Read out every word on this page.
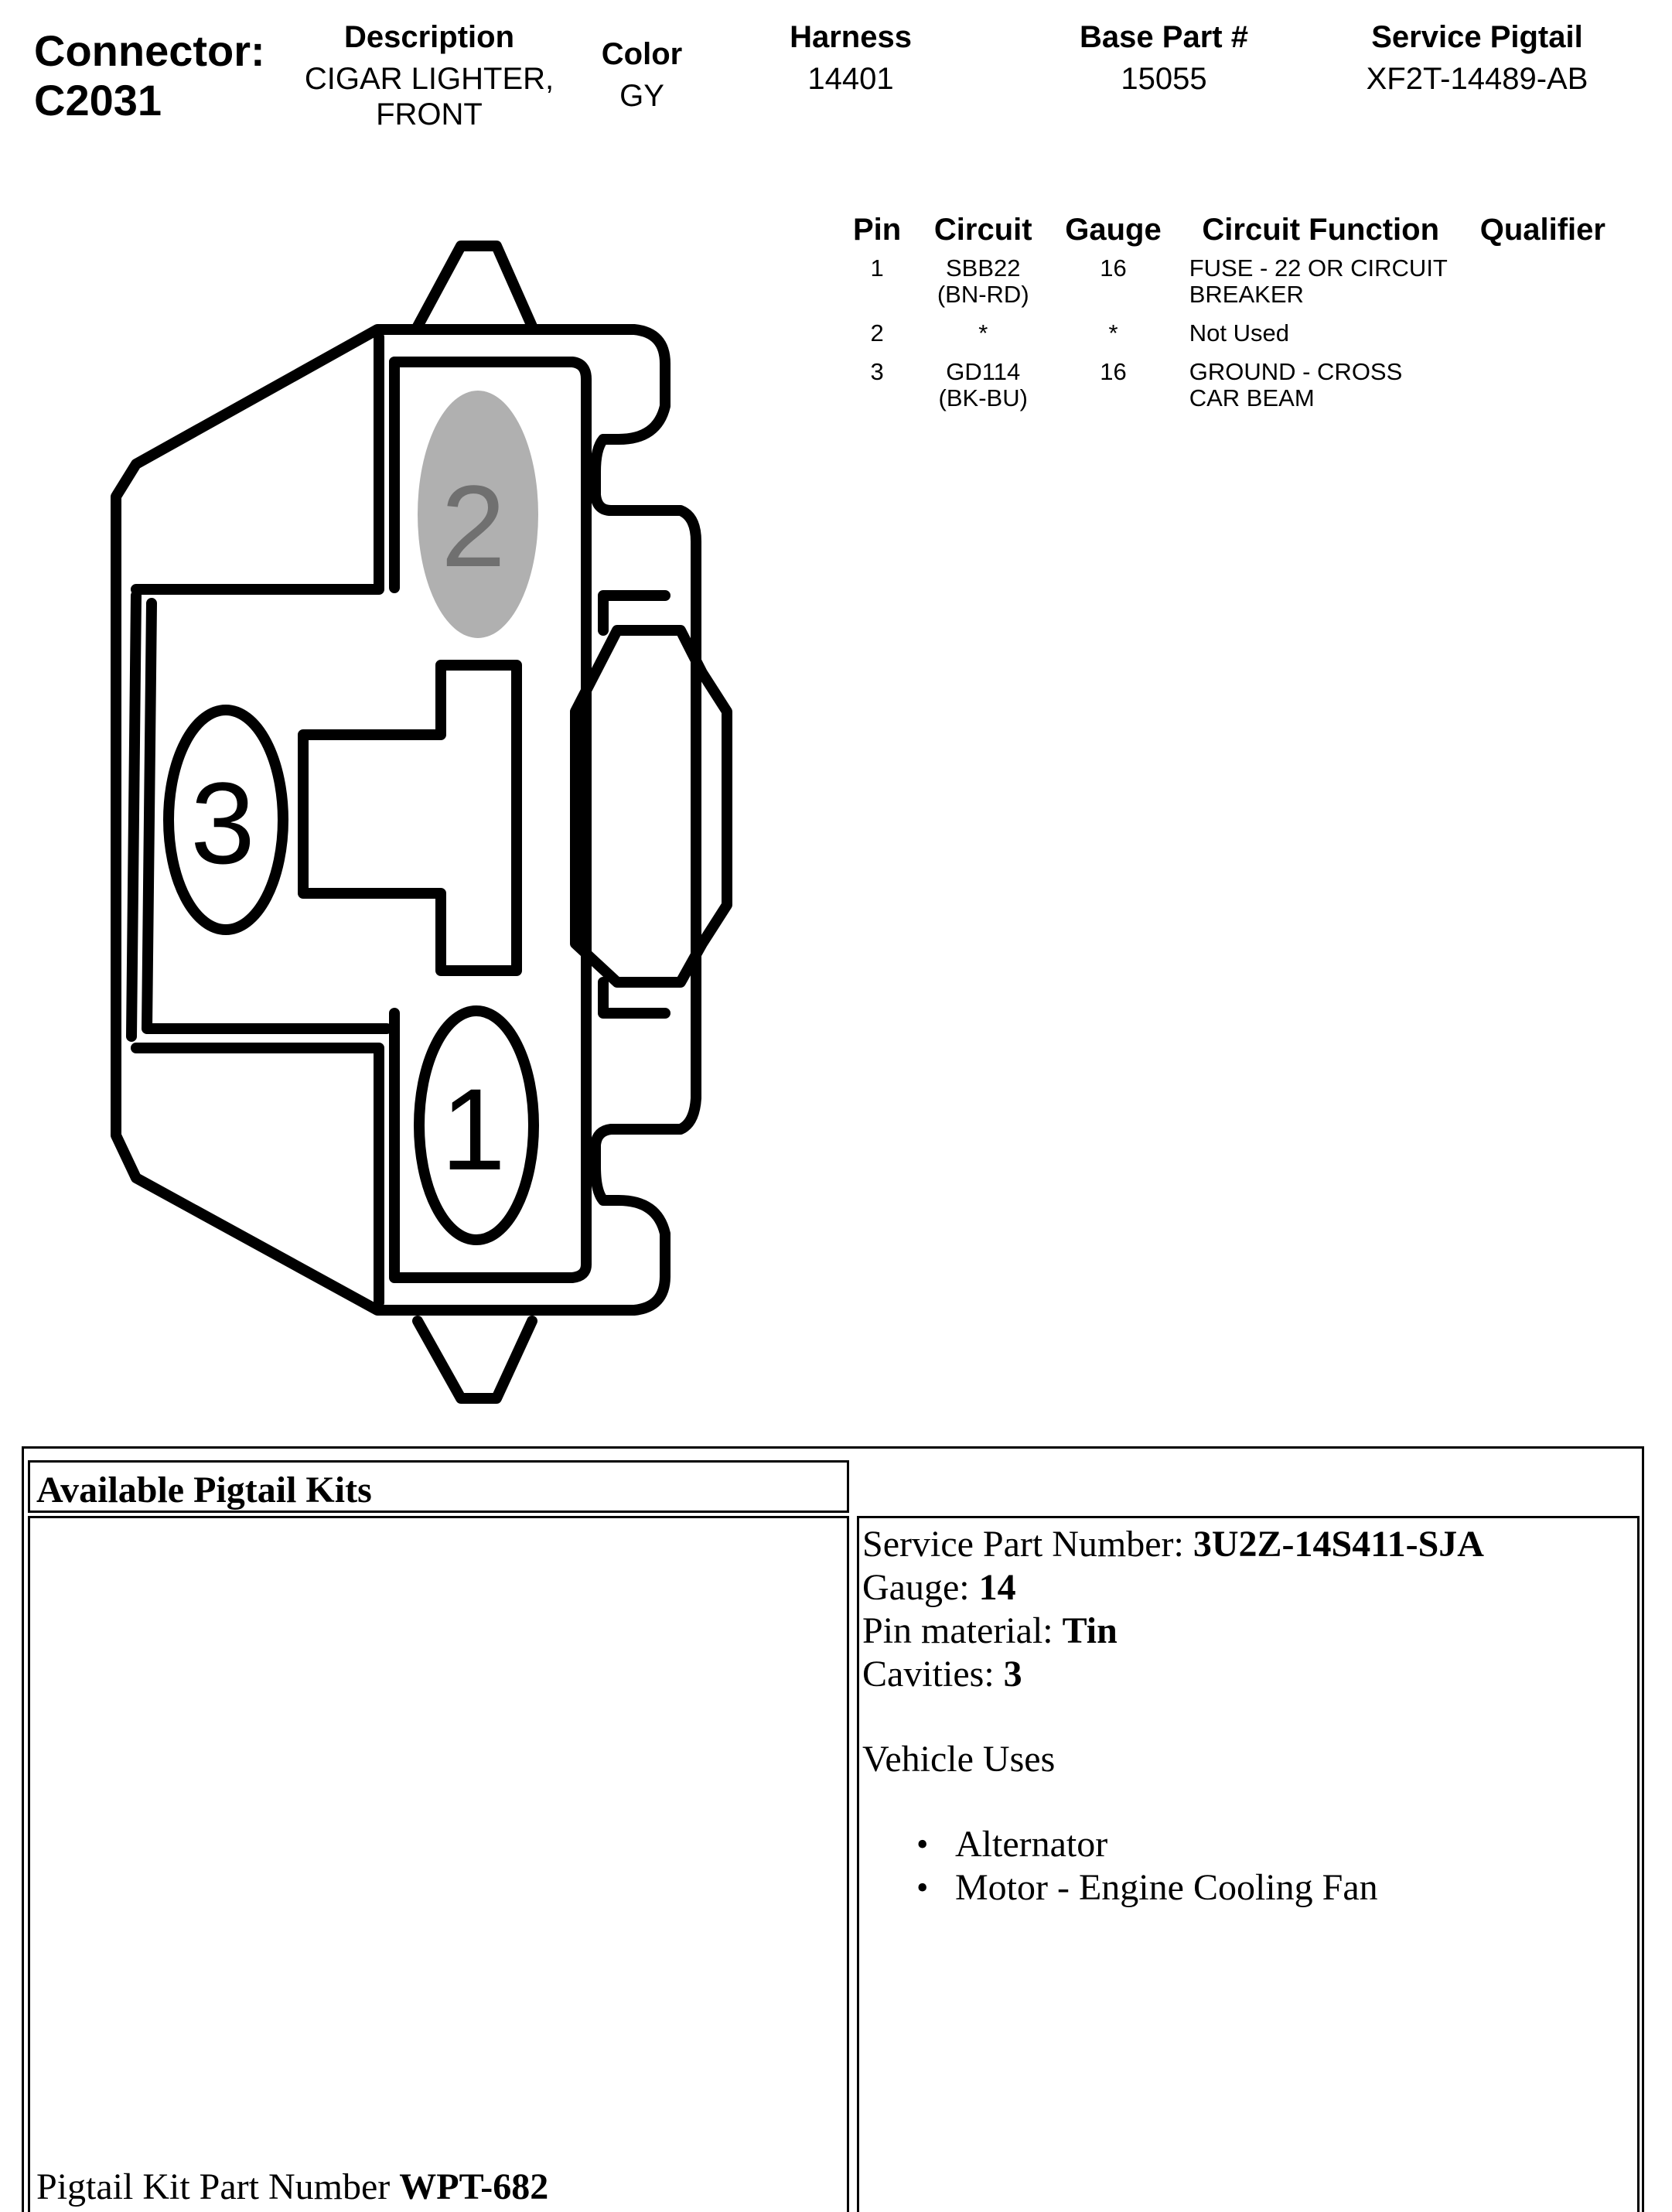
Connector:
C2031
Description
CIGAR LIGHTER,
FRONT
Color
GY
Harness
14401
Base Part #
15055
Service Pigtail
XF2T-14489-AB
Pin	Circuit	Gauge	Circuit Function	Qualifier
1	SBB22 (BN-RD)	16	FUSE - 22 OR CIRCUIT BREAKER	
2	*	*	Not Used	
3	GD114 (BK-BU)	16	GROUND - CROSS CAR BEAM	
2
3
1
Available Pigtail Kits
Pigtail Kit Part Number WPT-682
Service Part Number: 3U2Z-14S411-SJA
Gauge: 14
Pin material: Tin
Cavities: 3
Vehicle Uses
• Alternator
• Motor - Engine Cooling Fan
